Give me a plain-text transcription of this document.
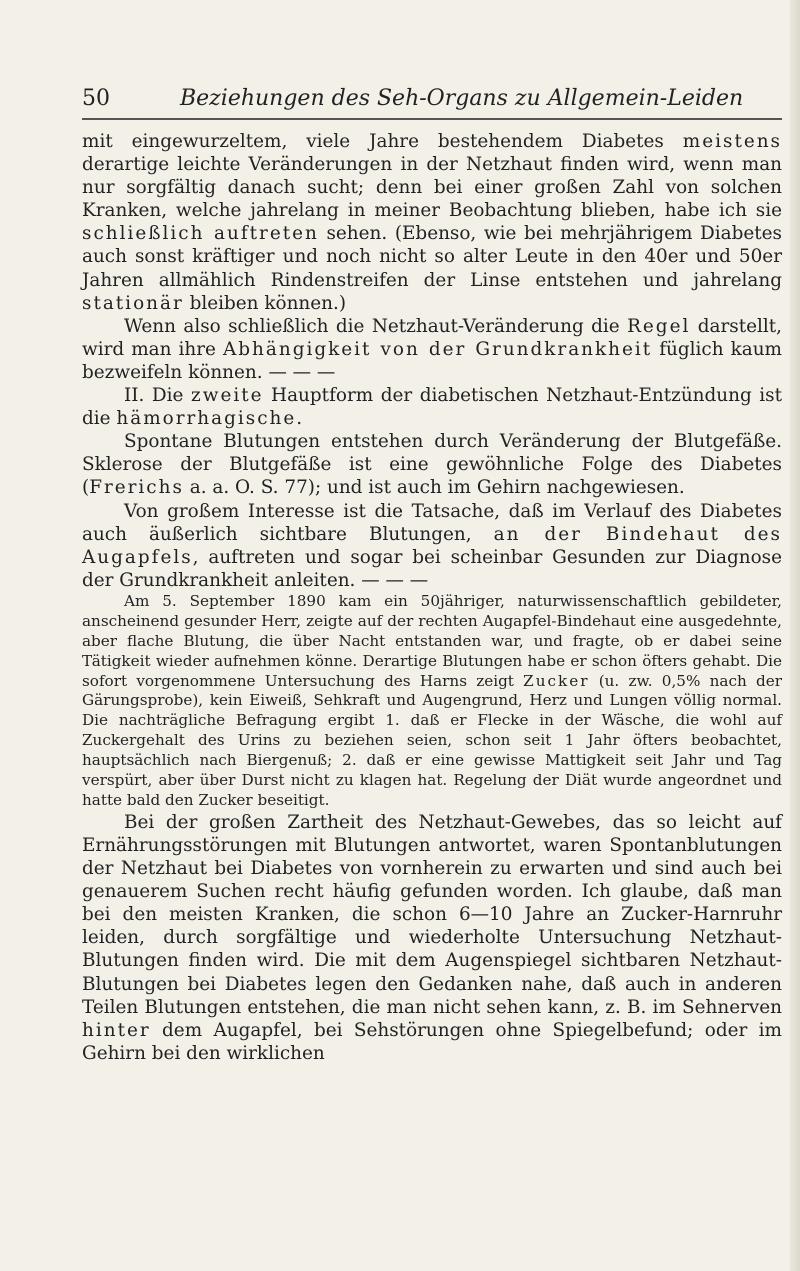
50	Beziehungen des Seh-Organs zu Allgemein-Leiden

mit eingewurzeltem, viele Jahre bestehendem Diabetes meistens derartige leichte Veränderungen in der Netzhaut finden wird, wenn man nur sorgfältig danach sucht; denn bei einer großen Zahl von solchen Kranken, welche jahrelang in meiner Beobachtung blieben, habe ich sie schließlich auftreten sehen. (Ebenso, wie bei mehrjährigem Diabetes auch sonst kräftiger und noch nicht so alter Leute in den 40er und 50er Jahren allmählich Rindenstreifen der Linse entstehen und jahrelang stationär bleiben können.)

Wenn also schließlich die Netzhaut-Veränderung die Regel darstellt, wird man ihre Abhängigkeit von der Grundkrankheit füglich kaum bezweifeln können. — — —

II. Die zweite Hauptform der diabetischen Netzhaut-Entzündung ist die hämorrhagische.

Spontane Blutungen entstehen durch Veränderung der Blutgefäße. Sklerose der Blutgefäße ist eine gewöhnliche Folge des Diabetes (Frerichs a. a. O. S. 77); und ist auch im Gehirn nachgewiesen.

Von großem Interesse ist die Tatsache, daß im Verlauf des Diabetes auch äußerlich sichtbare Blutungen, an der Bindehaut des Augapfels, auftreten und sogar bei scheinbar Gesunden zur Diagnose der Grundkrankheit anleiten. — — —

Am 5. September 1890 kam ein 50jähriger, naturwissenschaftlich gebildeter, anscheinend gesunder Herr, zeigte auf der rechten Augapfel-Bindehaut eine ausgedehnte, aber flache Blutung, die über Nacht entstanden war, und fragte, ob er dabei seine Tätigkeit wieder aufnehmen könne. Derartige Blutungen habe er schon öfters gehabt. Die sofort vorgenommene Untersuchung des Harns zeigt Zucker (u. zw. 0,5% nach der Gärungsprobe), kein Eiweiß, Sehkraft und Augengrund, Herz und Lungen völlig normal. Die nachträgliche Befragung ergibt 1. daß er Flecke in der Wäsche, die wohl auf Zuckergehalt des Urins zu beziehen seien, schon seit 1 Jahr öfters beobachtet, hauptsächlich nach Biergenuß; 2. daß er eine gewisse Mattigkeit seit Jahr und Tag verspürt, aber über Durst nicht zu klagen hat. Regelung der Diät wurde angeordnet und hatte bald den Zucker beseitigt.

Bei der großen Zartheit des Netzhaut-Gewebes, das so leicht auf Ernährungsstörungen mit Blutungen antwortet, waren Spontanblutungen der Netzhaut bei Diabetes von vornherein zu erwarten und sind auch bei genauerem Suchen recht häufig gefunden worden. Ich glaube, daß man bei den meisten Kranken, die schon 6—10 Jahre an Zucker-Harnruhr leiden, durch sorgfältige und wiederholte Untersuchung Netzhaut-Blutungen finden wird. Die mit dem Augenspiegel sichtbaren Netzhaut-Blutungen bei Diabetes legen den Gedanken nahe, daß auch in anderen Teilen Blutungen entstehen, die man nicht sehen kann, z. B. im Sehnerven hinter dem Augapfel, bei Sehstörungen ohne Spiegelbefund; oder im Gehirn bei den wirklichen
